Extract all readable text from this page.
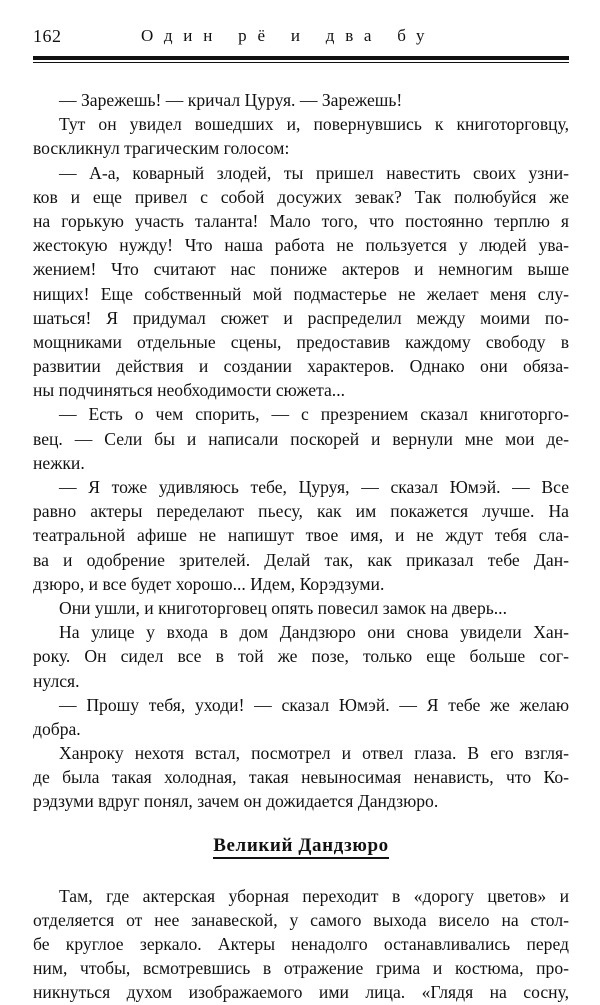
162	Один рё и два бу
— Зарежешь! — кричал Цуруя. — Зарежешь!
Тут он увидел вошедших и, повернувшись к книготорговцу,
воскликнул трагическим голосом:
— А-а, коварный злодей, ты пришел навестить своих узни-
ков и еще привел с собой досужих зевак? Так полюбуйся же
на горькую участь таланта! Мало того, что постоянно терплю я
жестокую нужду! Что наша работа не пользуется у людей ува-
жением! Что считают нас пониже актеров и немногим выше
нищих! Еще собственный мой подмастерье не желает меня слу-
шаться! Я придумал сюжет и распределил между моими по-
мощниками отдельные сцены, предоставив каждому свободу в
развитии действия и создании характеров. Однако они обяза-
ны подчиняться необходимости сюжета...
— Есть о чем спорить, — с презрением сказал книготорго-
вец. — Сели бы и написали поскорей и вернули мне мои де-
нежки.
— Я тоже удивляюсь тебе, Цуруя, — сказал Юмэй. — Все
равно актеры переделают пьесу, как им покажется лучше. На
театральной афише не напишут твое имя, и не ждут тебя сла-
ва и одобрение зрителей. Делай так, как приказал тебе Дан-
дзюро, и все будет хорошо... Идем, Корэдзуми.
Они ушли, и книготорговец опять повесил замок на дверь...
На улице у входа в дом Дандзюро они снова увидели Хан-
року. Он сидел все в той же позе, только еще больше сог-
нулся.
— Прошу тебя, уходи! — сказал Юмэй. — Я тебе же желаю
добра.
Ханроку нехотя встал, посмотрел и отвел глаза. В его взгля-
де была такая холодная, такая невыносимая ненависть, что Ко-
рэдзуми вдруг понял, зачем он дожидается Дандзюро.
Великий Дандзюро
Там, где актерская уборная переходит в «дорогу цветов» и
отделяется от нее занавеской, у самого выхода висело на стол-
бе круглое зеркало. Актеры ненадолго останавливались перед
ним, чтобы, всмотревшись в отражение грима и костюма, про-
никнуться духом изображаемого ими лица. «Глядя на сосну,
